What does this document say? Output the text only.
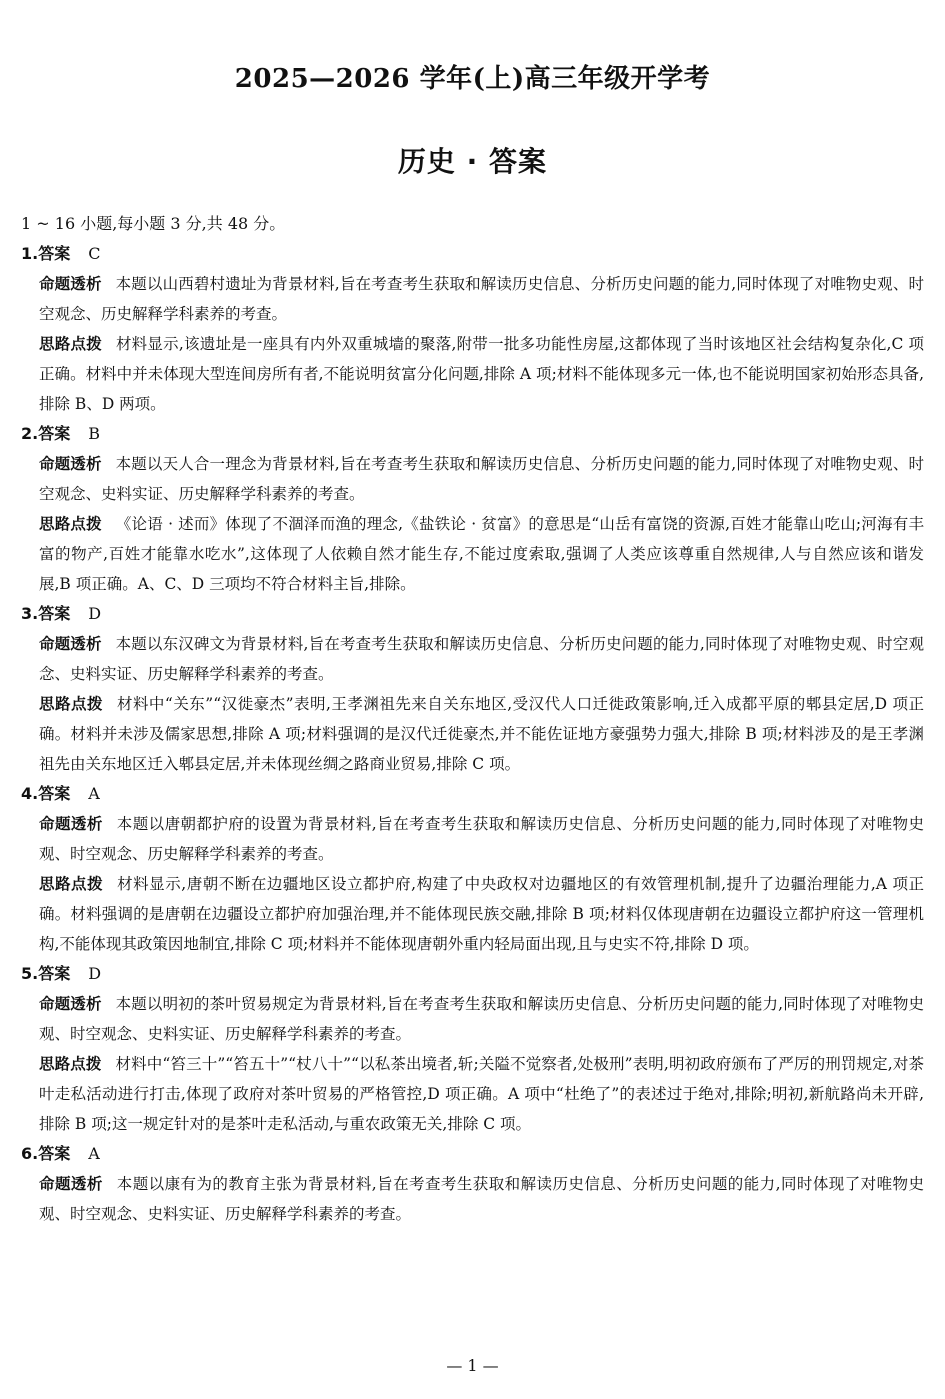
2025—2026 学年(上)高三年级开学考
历史 · 答案
1 ~ 16 小题,每小题 3 分,共 48 分。
1.答案 C
命题透析 本题以山西碧村遗址为背景材料,旨在考查考生获取和解读历史信息、分析历史问题的能力,同时体现了对唯物史观、时空观念、历史解释学科素养的考查。
思路点拨 材料显示,该遗址是一座具有内外双重城墙的聚落,附带一批多功能性房屋,这都体现了当时该地区社会结构复杂化,C 项正确。材料中并未体现大型连间房所有者,不能说明贫富分化问题,排除 A 项;材料不能体现多元一体,也不能说明国家初始形态具备,排除 B、D 两项。
2.答案 B
命题透析 本题以天人合一理念为背景材料,旨在考查考生获取和解读历史信息、分析历史问题的能力,同时体现了对唯物史观、时空观念、史料实证、历史解释学科素养的考查。
思路点拨 《论语 · 述而》体现了不涸泽而渔的理念,《盐铁论 · 贫富》的意思是“山岳有富饶的资源,百姓才能靠山吃山;河海有丰富的物产,百姓才能靠水吃水”,这体现了人依赖自然才能生存,不能过度索取,强调了人类应该尊重自然规律,人与自然应该和谐发展,B 项正确。A、C、D 三项均不符合材料主旨,排除。
3.答案 D
命题透析 本题以东汉碑文为背景材料,旨在考查考生获取和解读历史信息、分析历史问题的能力,同时体现了对唯物史观、时空观念、史料实证、历史解释学科素养的考查。
思路点拨 材料中“关东”“汉徙豪杰”表明,王孝渊祖先来自关东地区,受汉代人口迁徙政策影响,迁入成都平原的郫县定居,D 项正确。材料并未涉及儒家思想,排除 A 项;材料强调的是汉代迁徙豪杰,并不能佐证地方豪强势力强大,排除 B 项;材料涉及的是王孝渊祖先由关东地区迁入郫县定居,并未体现丝绸之路商业贸易,排除 C 项。
4.答案 A
命题透析 本题以唐朝都护府的设置为背景材料,旨在考查考生获取和解读历史信息、分析历史问题的能力,同时体现了对唯物史观、时空观念、历史解释学科素养的考查。
思路点拨 材料显示,唐朝不断在边疆地区设立都护府,构建了中央政权对边疆地区的有效管理机制,提升了边疆治理能力,A 项正确。材料强调的是唐朝在边疆设立都护府加强治理,并不能体现民族交融,排除 B 项;材料仅体现唐朝在边疆设立都护府这一管理机构,不能体现其政策因地制宜,排除 C 项;材料并不能体现唐朝外重内轻局面出现,且与史实不符,排除 D 项。
5.答案 D
命题透析 本题以明初的茶叶贸易规定为背景材料,旨在考查考生获取和解读历史信息、分析历史问题的能力,同时体现了对唯物史观、时空观念、史料实证、历史解释学科素养的考查。
思路点拨 材料中“笞三十”“笞五十”“杖八十”“以私茶出境者,斩;关隘不觉察者,处极刑”表明,明初政府颁布了严厉的刑罚规定,对茶叶走私活动进行打击,体现了政府对茶叶贸易的严格管控,D 项正确。A 项中“杜绝了”的表述过于绝对,排除;明初,新航路尚未开辟,排除 B 项;这一规定针对的是茶叶走私活动,与重农政策无关,排除 C 项。
6.答案 A
命题透析 本题以康有为的教育主张为背景材料,旨在考查考生获取和解读历史信息、分析历史问题的能力,同时体现了对唯物史观、时空观念、史料实证、历史解释学科素养的考查。
— 1 —
